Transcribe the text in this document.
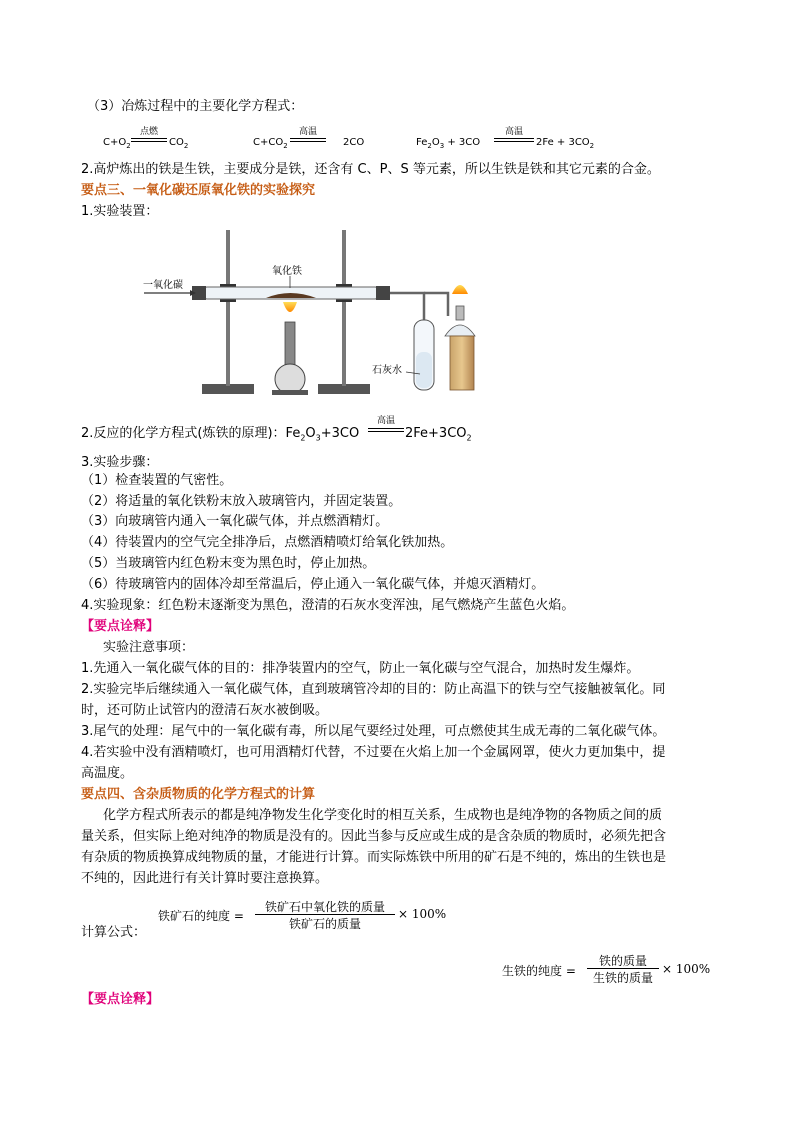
（3）冶炼过程中的主要化学方程式：
$C+O_2$
点燃
$CO_2$	$C+CO_2$
高温
2CO	$Fe_2O_3 + 3CO$
高温
$2Fe + 3CO_2$
2.高炉炼出的铁是生铁，主要成分是铁，还含有 C、P、S 等元素，所以生铁是铁和其它元素的合金。
要点三、一氧化碳还原氧化铁的实验探究
1.实验装置：
一氧化碳
氧化铁
石灰水
2.反应的化学方程式(炼铁的原理)：$Fe_2O_3+3CO$
高温
$2Fe+3CO_2$
3.实验步骤：
（1）检查装置的气密性。
（2）将适量的氧化铁粉末放入玻璃管内，并固定装置。
（3）向玻璃管内通入一氧化碳气体，并点燃酒精灯。
（4）待装置内的空气完全排净后，点燃酒精喷灯给氧化铁加热。
（5）当玻璃管内红色粉末变为黑色时，停止加热。
（6）待玻璃管内的固体冷却至常温后，停止通入一氧化碳气体，并熄灭酒精灯。
4.实验现象：红色粉末逐渐变为黑色，澄清的石灰水变浑浊，尾气燃烧产生蓝色火焰。
【要点诠释】
实验注意事项：
1.先通入一氧化碳气体的目的：排净装置内的空气，防止一氧化碳与空气混合，加热时发生爆炸。
2.实验完毕后继续通入一氧化碳气体，直到玻璃管冷却的目的：防止高温下的铁与空气接触被氧化。同
时，还可防止试管内的澄清石灰水被倒吸。
3.尾气的处理：尾气中的一氧化碳有毒，所以尾气要经过处理，可点燃使其生成无毒的二氧化碳气体。
4.若实验中没有酒精喷灯，也可用酒精灯代替，不过要在火焰上加一个金属网罩，使火力更加集中，提
高温度。
要点四、含杂质物质的化学方程式的计算
化学方程式所表示的都是纯净物发生化学变化时的相互关系，生成物也是纯净物的各物质之间的质
量关系，但实际上绝对纯净的物质是没有的。因此当参与反应或生成的是含杂质的物质时，必须先把含
有杂质的物质换算成纯物质的量，才能进行计算。而实际炼铁中所用的矿石是不纯的，炼出的生铁也是
不纯的，因此进行有关计算时要注意换算。
铁矿石的纯度 =
铁矿石中氧化铁的质量
铁矿石的质量
× 100%
计算公式：
生铁的纯度 =
铁的质量
生铁的质量
× 100%
【要点诠释】
